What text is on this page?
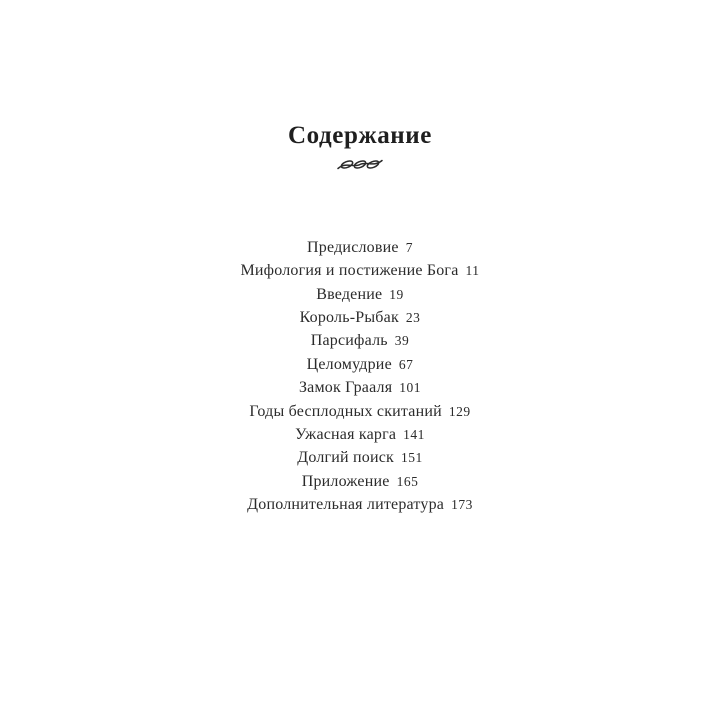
Содержание
Предисловие 7
Мифология и постижение Бога 11
Введение 19
Король-Рыбак 23
Парсифаль 39
Целомудрие 67
Замок Грааля 101
Годы бесплодных скитаний 129
Ужасная карга 141
Долгий поиск 151
Приложение 165
Дополнительная литература 173
